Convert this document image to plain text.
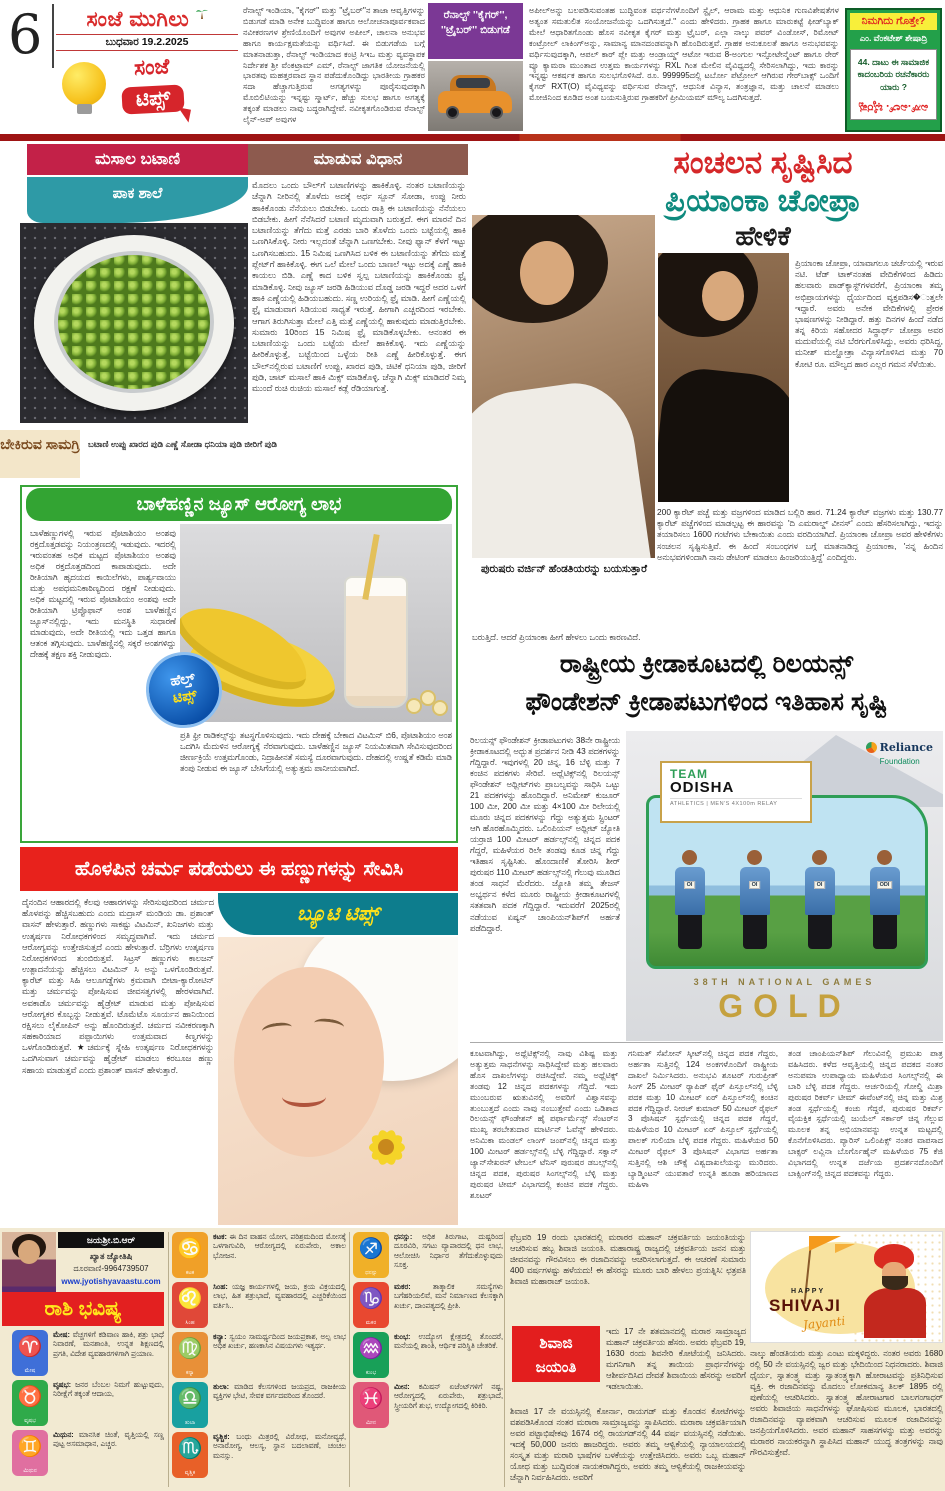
6	ಸಂಜೆ ಮುಗಿಲು
ಬುಧವಾರ 19.2.2025
ಸಂಜೆ
ಟಿಪ್ಸ್
ರೆನಾಲ್ಟ್ ಇಂಡಿಯಾ, ''ಕೈಗರ್'' ಮತ್ತು ''ಟ್ರೈಬರ್''ನ ತಾಜಾ ಆವೃತ್ತಿಗಳನ್ನು ಬಿಡುಗಡೆ ಮಾಡಿ ಅನೇಕ ಬುದ್ಧಿವಂತ ಹಾಗೂ ಆಲೋಚನಾಪೂರ್ವಕವಾದ ನವೀಕರಣಗಳ ಶ್ರೇಣಿಯೊಂದಿಗೆ ಅವುಗಳ ಅಪೀಲ್, ಚಾಲನಾ ಅನುಭವ ಹಾಗೂ ಕಾರ್ಯಕ್ಷಮತೆಯನ್ನು ವರ್ಧಿಸಿದೆ. ಈ ಬಿಡುಗಡೆಯ ಬಗ್ಗೆ ಮಾತನಾಡುತ್ತಾ, ರೆನಾಲ್ಟ್ ಇಂಡಿಯಾದ ಕಂಟ್ರಿ ಸಿಇಒ ಮತ್ತು ವ್ಯವಸ್ಥಾಪಕ ನಿರ್ದೇಶಕ ಶ್ರೀ ವೆಂಕಟ್ರಾಮ್ ಎಮ್, ರೆನಾಲ್ಟ್ ಜಾಗತಿಕ ಯೋಜನೆಯಲ್ಲಿ ಭಾರತವು ಮಹತ್ತರವಾದ ಸ್ಥಾನ ಪಡೆದುಕೊಂಡಿದ್ದು ಭಾರತೀಯ ಗ್ರಾಹಕರ ಸದಾ ಹೆಚ್ಚಾಗುತ್ತಿರುವ ಅಗತ್ಯಗಳನ್ನು ಪೂರೈಸುವುದಕ್ಕಾಗಿ ಮೊಬಿಲಿಟಿಯನ್ನು ಇನ್ನಷ್ಟು ಸ್ಮಾರ್ಟ್, ಹೆಚ್ಚು ಸುಲಭ ಹಾಗೂ ಅಗತ್ಯಕ್ಕೆ ತಕ್ಕಂತೆ ಮಾಡಲು ನಾವು ಬದ್ಧರಾಗಿದ್ದೇವೆ. ನವೀಕೃತಗೊಂಡಿರುವ ರೆನಾಲ್ಟ್ ಲೈನ್-ಅಪ್ ಅವುಗಳ
ರೆನಾಲ್ಟ್ ''ಕೈಗರ್'', ''ಟ್ರೈಬರ್'' ಬಿಡುಗಡೆ
ಅಪೀಲ್‌ಅನ್ನು ಬಲಪಡಿಸುವಂತಹ ಬುದ್ಧಿವಂತ ವರ್ಧನೆಗಳೊಂದಿಗೆ ಸ್ಟೈಲ್, ಆರಾಮ ಮತ್ತು ಆಧುನಿಕ ಗುಣವಿಶೇಷತೆಗಳ ಅತ್ಯಂತ ಸಮತುಲಿತ ಸಂಯೋಜನೆಯನ್ನು ಒದಗಿಸುತ್ತದೆ.'' ಎಂದು ಹೇಳಿದರು. ಗ್ರಾಹಕ ಹಾಗೂ ಮಾರುಕಟ್ಟೆ ಫೀಡ್‌ಬ್ಯಾಕ್ ಮೇಲೆ ಆಧಾರಿತಗೊಂಡು ಹೊಸ ನವೀಕೃತ ಕೈಗರ್ ಮತ್ತು ಟ್ರೈಬರ್, ಎಲ್ಲಾ ನಾಲ್ಕು ಪವರ್ ವಿಂಡೋಸ್, ರಿಮೋಟ್ ಕಂಟ್ರೋಲ್ ಲಾಕಿಂಗ್‌ಅನ್ನು, ಸಾಮಾನ್ಯ ಮಾನದಂಡವನ್ನಾಗಿ ಹೊಂದಿರುತ್ತವೆ. ಗ್ರಾಹಕ ಅನುಕೂಲತೆ ಹಾಗೂ ಅನುಭವವನ್ನು ವರ್ಧಿಸುವುದಕ್ಕಾಗಿ, ಆಪಲ್ ಕಾರ್ ಪ್ಲೇ ಮತ್ತು ಆಂಡ್ರಾಯ್ಡ್ ಆಟೋ ಇರುವ 8-ಅಂಗುಲ ಇನ್ಫೋಟೇನ್ಮೆಂಟ್ ಹಾಗೂ ರೇರ್ ವ್ಯೂ ಕ್ಯಾಮರಾ ಮುಂತಾದ ಉತ್ತಮ ಕಾರ್ಯಗಳನ್ನು RXL ಗಿಂತ ಮೇಲಿನ ವೈವಿಧ್ಯದಲ್ಲಿ ಸೇರಿಸಲಾಗಿದ್ದು, ಇದು ಕಾರನ್ನು ಇನ್ನಷ್ಟು ಆಕರ್ಷಕ ಹಾಗೂ ಸುಲಭಗೊಳಿಸಿದೆ. ರೂ. 999995ದಲ್ಲಿ ಟರ್ಬೋ ಪೆಟ್ರೋಲ್ ಆಗಿರುವ ಗೇರ್‌ಬಾಕ್ಸ್ ಒಂದಿಗೆ ಕೈಗರ್ RXT(O) ವೈವಿಧ್ಯವನ್ನು ವರ್ಧಿಸುವ ರೆನಾಲ್ಟ್, ಆಧುನಿಕ ವಿನ್ಯಾಸ, ತಂತ್ರಜ್ಞಾನ, ಮತ್ತು ಚಾಲನೆ ಮಾಡಲು ಮೋಜಿನಿಂದ ಕೂಡಿದ ಅಂಶ ಬಯಸುತ್ತಿರುವ ಗ್ರಾಹಕರಿಗೆ ಪ್ರೀಮಿಯಮ್ ಮೌಲ್ಯ ಒದಗಿಸುತ್ತದೆ.
ನಿಮಗಿದು ಗೊತ್ತೇ?
ಎಂ. ವೆಂಕಟೇಶ್ ಶೇಷಾದ್ರಿ
44. ದಾಟು ಈ ಸಾಮಾಜಿಕ ಕಾದಂಬರಿಯ ರಚನೆಕಾರರು ಯಾರು ?
ಎಸ್.ಎಲ್. ಭೈರಪ್ಪ
ಮಸಾಲ ಬಟಾಣಿ	ಮಾಡುವ ವಿಧಾನ
ಪಾಕ ಶಾಲೆ
ಬೇಕಿರುವ ಸಾಮಗ್ರಿ ಬಟಾಣಿ ಉಪ್ಪು ಖಾರದ ಪುಡಿ ಎಣ್ಣೆ ಸೋಡಾ ಧನಿಯಾ ಪುಡಿ ಜೀರಿಗೆ ಪುಡಿ
ಮೊದಲು ಒಂದು ಬೌಲ್‌ಗೆ ಬಟಾಣಿಗಳನ್ನು ಹಾಕಿಕೊಳ್ಳಿ. ನಂತರ ಬಟಾಣಿಯನ್ನು ಚೆನ್ನಾಗಿ ನೀರಿನಲ್ಲಿ ತೊಳೆದು ಅದಕ್ಕೆ ಅರ್ಧ ಸ್ಪೂನ್ ಸೋಡಾ, ಉಪ್ಪು ನೀರು ಹಾಕಿಕೊಂಡು ನೆನೆಯಲು ಬಿಡಬೇಕು. ಒಂದು ರಾತ್ರಿ ಈ ಬಟಾಣಿಯನ್ನು ನೆನೆಯಲು ಬಿಡಬೇಕು. ಹೀಗೆ ನೆನೆಸಿದರೆ ಬಟಾಣಿ ಮೃದುವಾಗಿ ಬರುತ್ತದೆ. ಈಗ ಮಾರನೆ ದಿನ ಬಟಾಣಿಯನ್ನು ತೆಗೆದು ಮತ್ತೆ ಎರಡು ಬಾರಿ ತೊಳೆದು ಒಂದು ಬಟ್ಟೆಯಲ್ಲಿ ಹಾಕಿ ಒಣಗಿಸಿಕೊಳ್ಳಿ. ನೀರು ಇಲ್ಲದಂತೆ ಚೆನ್ನಾಗಿ ಒಣಗಬೇಕು. ನೀವು ಫ್ಯಾನ್ ಕೆಳಗೆ ಇಟ್ಟು ಒಣಗಿಸಬಹುದು. 15 ನಿಮಿಷ ಒಣಗಿಸಿದ ಬಳಿಕ ಈ ಬಟಾಣಿಯನ್ನು ತೆಗೆದು ಮತ್ತೆ ಪ್ಲೇಟ್‌ಗೆ ಹಾಕಿಕೊಳ್ಳಿ. ಈಗ ಒಲೆ ಮೇಲೆ ಒಂದು ಬಾಣಲೆ ಇಟ್ಟು ಅದಕ್ಕೆ ಎಣ್ಣೆ ಹಾಕಿ ಕಾಯಲು ಬಿಡಿ. ಎಣ್ಣೆ ಕಾದ ಬಳಿಕ ಸ್ವಲ್ಪ ಬಟಾಣಿಯನ್ನು ಹಾಕಿಕೊಂಡು ಫ್ರೈ ಮಾಡಿಕೊಳ್ಳಿ. ನೀವು ಜ್ಯೂಸ್ ಜರಡಿ ಹಿಡಿಯುವ ದೊಡ್ಡ ಜರಡಿ ಇದ್ದರೆ ಅದರ ಒಳಗೆ ಹಾಕಿ ಎಣ್ಣೆಯಲ್ಲಿ ಹಿಡಿಯಬಹುದು. ಸಣ್ಣ ಉರಿಯಲ್ಲಿ ಫ್ರೈ ಮಾಡಿ. ಹೀಗೆ ಎಣ್ಣೆಯಲ್ಲಿ ಫ್ರೈ ಮಾಡುವಾಗ ಸಿಡಿಯುವ ಸಾಧ್ಯತೆ ಇರುತ್ತೆ. ಹೀಗಾಗಿ ಎಚ್ಚರದಿಂದ ಇರಬೇಕು. ಆಗಾಗ ತಿರುಗಿಸುತ್ತಾ ಮೇಲೆ ಎತ್ತಿ ಮತ್ತೆ ಎಣ್ಣೆಯಲ್ಲಿ ಹಾಕುವುದು ಮಾಡುತ್ತಿರಬೇಕು. ಸುಮಾರು 10ರಿಂದ 15 ನಿಮಿಷ ಫ್ರೈ ಮಾಡಿಕೊಳ್ಳಬೇಕು. ಆನಂತರ ಈ ಬಟಾಣಿಯನ್ನು ಒಂದು ಬಟ್ಟೆಯ ಮೇಲೆ ಹಾಕಿಕೊಳ್ಳಿ. ಇದು ಎಣ್ಣೆಯನ್ನು ಹೀರಿಕೊಳ್ಳುತ್ತೆ, ಬಟ್ಟೆಯಿಂದ ಒಳ್ಳೆಯ ರೀತಿ ಎಣ್ಣೆ ಹೀರಿಕೊಳ್ಳುತ್ತೆ. ಈಗ ಬೌಲ್‌ನಲ್ಲಿರುವ ಬಟಾಣಿಗೆ ಉಪ್ಪು, ಖಾರದ ಪುಡಿ, ಚಿಟಿಕೆ ಧನಿಯಾ ಪುಡಿ, ಜೀರಿಗೆ ಪುಡಿ, ಚಾಟ್ ಮಸಾಲೆ ಹಾಕಿ ಮಿಕ್ಸ್ ಮಾಡಿಕೊಳ್ಳಿ. ಚೆನ್ನಾಗಿ ಮಿಕ್ಸ್ ಮಾಡಿದರೆ ನಿಮ್ಮ ಮುಂದೆ ರುಚಿ ರುಚಿಯ ಮಸಾಲೆ ಕಡ್ಲೆ ರೆಡಿಯಾಗುತ್ತೆ.
ಸಂಚಲನ ಸೃಷ್ಟಿಸಿದ
ಪ್ರಿಯಾಂಕಾ ಚೋಪ್ರಾ
ಹೇಳಿಕೆ
ಪ್ರಿಯಾಂಕಾ ಚೋಪ್ರಾ, ಯಾವಾಗಲೂ ಚರ್ಚೆಯಲ್ಲಿ ಇರುವ ನಟಿ. ಟೆಡ್ ಟಾಕ್‌ನಂತಹ ವೇದಿಕೆಗಳಿಂದ ಹಿಡಿದು ಹಲವಾರು ಪಾಡ್‌ಕ್ಯಾಸ್ಟ್‌ಗಳವರೆಗೆ, ಪ್ರಿಯಾಂಕಾ ತಮ್ಮ ಅಭಿಪ್ರಾಯಗಳನ್ನು ಧೈರ್ಯದಿಂದ ವ್ಯಕ್ತಪಡಿಸ�ುತ್ತಲೇ ಇದ್ದಾರೆ. ಅವರು ಅನೇಕ ವೇದಿಕೆಗಳಲ್ಲಿ ಪ್ರೇರಕ ಭಾಷಣಗಳನ್ನು ನೀಡಿದ್ದಾರೆ. ಹತ್ತು ದಿನಗಳ ಹಿಂದೆ ನಡೆದ ತನ್ನ ಕಿರಿಯ ಸಹೋದರ ಸಿದ್ಧಾರ್ಥ್ ಚೋಪ್ರಾ ಅವರ ಮದುವೆಯಲ್ಲಿ ನಟಿ ಬೆರಗುಗೊಳಿಸಿದ್ದು, ಅವರು ಧರಿಸಿದ್ದ, ಮನೀಶ್ ಮಲ್ಹೋತ್ರಾ ವಿನ್ಯಾಸಗೊಳಿಸಿದ ಮತ್ತು 70 ಕೋಟಿ ರೂ. ಮೌಲ್ಯದ ಹಾರ ಎಲ್ಲರ ಗಮನ ಸೆಳೆಯಿತು.
200 ಕ್ಯಾರೆಟ್ ಪಚ್ಚೆ ಮತ್ತು ವಜ್ರಗಳಿಂದ ಮಾಡಿದ ಬಲ್ಲಿರಿ ಹಾರ. 71.24 ಕ್ಯಾರೆಟ್ ವಜ್ರಗಳು ಮತ್ತು 130.77 ಕ್ಯಾರೆಟ್ ಪಚ್ಚೆಗಳಿಂದ ಮಾಡಲ್ಪಟ್ಟ ಈ ಹಾರವನ್ನು 'ದಿ ಎಮರಾಲ್ಡ್ ವೀನಸ್' ಎಂದು ಹೆಸರಿಸಲಾಗಿದ್ದು, ಇದನ್ನು ತಯಾರಿಸಲು 1600 ಗಂಟೆಗಳು ಬೇಕಾಯಿತು ಎಂದು ವರದಿಯಾಗಿದೆ. ಪ್ರಿಯಾಂಕಾ ಚೋಪ್ರಾ ಅವರ ಹೇಳಿಕೆಗಳು ಸಂಚಲನ ಸೃಷ್ಟಿಸುತ್ತಿವೆ. ಈ ಹಿಂದೆ ಸಂಬಂಧಗಳ ಬಗ್ಗೆ ಮಾತನಾಡಿದ್ದ ಪ್ರಿಯಾಂಕಾ, 'ನನ್ನ ಹಿಂದಿನ ಅನುಭವಗಳಿಂದಾಗಿ ನಾನು ಡೇಟಿಂಗ್ ಮಾಡಲು ಹಿಂಜರಿಯುತ್ತಿದ್ದೆ' ಎಂದಿದ್ದರು.
ಪುರುಷರು ವರ್ಜಿನ್ ಹೆಂಡತಿಯರನ್ನು ಬಯಸುತ್ತಾರೆ
ಬರುತ್ತಿದೆ. ಆದರೆ ಪ್ರಿಯಾಂಕಾ ಹೀಗೆ ಹೇಳಲು ಒಂದು ಕಾರಣವಿದೆ.
ಬಾಳೆಹಣ್ಣಿನ ಜ್ಯೂಸ್ ಆರೋಗ್ಯ ಲಾಭ
ಬಾಳೆಹಣ್ಣುಗಳಲ್ಲಿ ಇರುವ ಪೊಟಾಶಿಯಂ ಅಂಶವು ರಕ್ತದೊತ್ತಡವನ್ನು ನಿಯಂತ್ರಣದಲ್ಲಿ ಇಡುವುದು. ಇದರಲ್ಲಿ ಇರುವಂತಹ ಅಧಿಕ ಮಟ್ಟದ ಪೊಟಾಶಿಯಂ ಅಂಶವು ಅಧಿಕ ರಕ್ತದೊತ್ತಡದಿಂದ ಕಾಪಾಡುವುದು. ಅದೇ ರೀತಿಯಾಗಿ ಹೃದಯದ ಕಾಯಿಲೆಗಳು, ಪಾರ್ಶ್ವವಾಯು ಮತ್ತು ಅಪಧಮನಿಕಾಠಿಣ್ಯದಿಂದ ರಕ್ಷಣೆ ನೀಡುವುದು. ಅಧಿಕ ಮಟ್ಟದಲ್ಲಿ ಇರುವ ಪೊಟಾಶಿಯಂ ಅಂಶವು ಅದೇ ರೀತಿಯಾಗಿ ಟ್ರಿಪ್ಟೊಫಾನ್ ಅಂಶ ಬಾಳೆಹಣ್ಣಿನ ಜ್ಯೂಸ್‌ನಲ್ಲಿದ್ದು, ಇದು ಮನಸ್ಥಿತಿ ಸುಧಾರಣೆ ಮಾಡುವುದು, ಅದೇ ರೀತಿಯಲ್ಲಿ ಇದು ಒತ್ತಡ ಹಾಗೂ ಆತಂಕ ತಗ್ಗಿಸುವುದು. ಬಾಳೆಹಣ್ಣಿನಲ್ಲಿ ಸಕ್ಕರೆ ಅಂಶಗಳಿದ್ದು ದೇಹಕ್ಕೆ ತಕ್ಷಣ ಶಕ್ತಿ ನೀಡುವುದು.
ಹೆಲ್ತ್
ಟಿಪ್ಸ್
ಪ್ರತಿ ಫ್ರೀ ರಾಡಿಕಲ್ಸ್‌ನ್ನು ತಟಸ್ಥಗೊಳಿಸುವುದು. ಇದು ದೇಹಕ್ಕೆ ಬೇಕಾದ ವಿಟಮಿನ್ ಬಿ6, ಪೊಟಾಶಿಯಂ ಅಂಶ ಒದಗಿಸಿ ಮೆದುಳಿನ ಆರೋಗ್ಯಕ್ಕೆ ನೆರವಾಗುವುದು. ಬಾಳೆಹಣ್ಣಿನ ಜ್ಯೂಸ್ ನಿಯಮಿತವಾಗಿ ಸೇವಿಸುವುದರಿಂದ ಜೀರ್ಣಕ್ರಿಯೆ ಉತ್ತಮಗೊಂಡು, ನಿದ್ರಾಹೀನತೆ ಸಮಸ್ಯೆ ದೂರವಾಗುವುದು. ದೇಹದಲ್ಲಿ ಉಷ್ಣತೆ ಕಡಿಮೆ ಮಾಡಿ ತಂಪು ನೀಡುವ ಈ ಜ್ಯೂಸ್ ಬೇಸಿಗೆಯಲ್ಲಿ ಅತ್ಯುತ್ತಮ ಪಾನೀಯವಾಗಿದೆ.
ಹೊಳಪಿನ ಚರ್ಮ ಪಡೆಯಲು ಈ ಹಣ್ಣುಗಳನ್ನು ಸೇವಿಸಿ
ದೈನಂದಿನ ಆಹಾರದಲ್ಲಿ ಕೆಲವು ಆಹಾರಗಳನ್ನು ಸೇರಿಸುವುದರಿಂದ ಚರ್ಮದ ಹೊಳಪನ್ನು ಹೆಚ್ಚಿಸಬಹುದು ಎಂದು ಮದ್ರಾಸ್ ಮಂಡಿಯ ಡಾ. ಪ್ರಶಾಂತ್ ವಾಸನ್ ಹೇಳುತ್ತಾರೆ. ಹಣ್ಣುಗಳು ಸಾಕಷ್ಟು ವಿಟಮಿನ್, ಖನಿಜಗಳು ಮತ್ತು ಉತ್ಕರ್ಷಣ ನಿರೋಧಕಗಳಿಂದ ಸಮೃದ್ಧವಾಗಿವೆ. ಇದು ಚರ್ಮದ ಆರೋಗ್ಯವನ್ನು ಉತ್ತೇಜಿಸುತ್ತದೆ ಎಂದು ಹೇಳುತ್ತಾರೆ. ಬೆರ‍್ರಿಗಳು ಉತ್ಕರ್ಷಣ ನಿರೋಧಕಗಳಿಂದ ತುಂಬಿರುತ್ತವೆ. ಸಿಟ್ರಸ್ ಹಣ್ಣುಗಳು ಕಾಲಜನ್ ಉತ್ಪಾದನೆಯನ್ನು ಹೆಚ್ಚಿಸಲು ವಿಟಮಿನ್ ಸಿ ಅನ್ನು ಒಳಗೊಂಡಿರುತ್ತವೆ. ಕ್ಯಾರೆಟ್ ಮತ್ತು ಸಿಹಿ ಆಲೂಗಡ್ಡೆಗಳು ಕ್ರಮವಾಗಿ ಬೀಟಾ-ಕ್ಯಾರೋಟಿನ್ ಮತ್ತು ಚರ್ಮವನ್ನು ಪೋಷಿಸುವ ಜೀವಸತ್ವಗಳಲ್ಲಿ ಹೇರಳವಾಗಿವೆ. ಅವಕಾಡೊ ಚರ್ಮವನ್ನು ಹೈಡ್ರೇಟ್ ಮಾಡುವ ಮತ್ತು ಪೋಷಿಸುವ ಆರೋಗ್ಯಕರ ಕೊಬ್ಬನ್ನು ನೀಡುತ್ತವೆ. ಟೊಮೆಟೊ ಸೂರ್ಯನ ಹಾನಿಯಿಂದ ರಕ್ಷಿಸಲು ಲೈಕೋಪಿನ್ ಅನ್ನು ಹೊಂದಿರುತ್ತವೆ. ಚರ್ಮದ ನವೀಕರಣಕ್ಕಾಗಿ ಸಹಕಾರಿಯಾದ ಪಪ್ಪಾಯಿಗಳು ಉತ್ತಮವಾದ ಕಿಣ್ವಗಳನ್ನು ಒಳಗೊಂಡಿರುತ್ತವೆ. ★ಚರ್ಮಕ್ಕೆ ಸ್ನೇಹಿ ಉತ್ಕರ್ಷಣ ನಿರೋಧಕಗಳನ್ನು ಒದಗಿಸುವಾಗ ಚರ್ಮವನ್ನು ಹೈಡ್ರೇಟ್ ಮಾಡಲು ಕರಬೂಜ ಹಣ್ಣು ಸಹಾಯ ಮಾಡುತ್ತವೆ ಎಂದು ಪ್ರಶಾಂತ್ ವಾಸನ್ ಹೇಳುತ್ತಾರೆ.
ಬ್ಯೂಟಿ ಟಿಪ್ಸ್
ರಾಷ್ಟ್ರೀಯ ಕ್ರೀಡಾಕೂಟದಲ್ಲಿ ರಿಲಯನ್ಸ್
ಫೌಂಡೇಶನ್ ಕ್ರೀಡಾಪಟುಗಳಿಂದ ಇತಿಹಾಸ ಸೃಷ್ಟಿ
ರಿಲಯನ್ಸ್ ಫೌಂಡೇಶನ್ ಕ್ರೀಡಾಪಟುಗಳು 38ನೇ ರಾಷ್ಟ್ರೀಯ ಕ್ರೀಡಾಕೂಟದಲ್ಲಿ ಅದ್ಭುತ ಪ್ರದರ್ಶನ ನೀಡಿ 43 ಪದಕಗಳನ್ನು ಗೆದ್ದಿದ್ದಾರೆ. ಇವುಗಳಲ್ಲಿ 20 ಚಿನ್ನ, 16 ಬೆಳ್ಳಿ ಮತ್ತು 7 ಕಂಚಿನ ಪದಕಗಳು ಸೇರಿವೆ. ಅಥ್ಲೆಟಿಕ್ಸ್‌ನಲ್ಲಿ ರಿಲಯನ್ಸ್ ಫೌಂಡೇಶನ್ ಅಥ್ಲೀಟ್‌ಗಳು ಪ್ರಾಬಲ್ಯವನ್ನು ಸಾಧಿಸಿ ಒಟ್ಟು 21 ಪದಕಗಳನ್ನು ಹೊಂದಿದ್ದಾರೆ. ಅನಿಮೇಶ್ ಕುಜೂರ್ 100 ಮೀ, 200 ಮೀ ಮತ್ತು 4×100 ಮೀ ರಿಲೇಯಲ್ಲಿ ಮೂರು ಚಿನ್ನದ ಪದಕಗಳನ್ನು ಗೆದ್ದು ಅತ್ಯುತ್ತಮ ಸ್ಪ್ರಿಂಟರ್ ಆಗಿ ಹೊರಹೊಮ್ಮಿದರು. ಒಲಿಂಪಿಯನ್ ಅಥ್ಲೀಟ್ ಜ್ಯೋತಿ ಯರ‍್ರಾಜಿ 100 ಮೀಟರ್ ಹರ್ಡಲ್ಸ್‌ನಲ್ಲಿ ಚಿನ್ನದ ಪದಕ ಗೆದ್ದರೆ, ಮಹಿಳೆಯರ ರಿಲೇ ತಂಡವು ಕೂಡ ಚಿನ್ನ ಗೆದ್ದು ಇತಿಹಾಸ ಸೃಷ್ಟಿಸಿತು. ಹೊಂದಾಣಿಕೆ ತೋರಿಸಿ ಶೀರ್ ಪುರುಷರ 110 ಮೀಟರ್ ಹರ್ಡಲ್ಸ್‌ನಲ್ಲಿ ಗೆಲುವು ಮೂಡಿದ ತಂಡ ಸಾಧನೆ ಮೆರೆದರು. ಜ್ಯೋತಿ ತಮ್ಮ ತೇಜಸ್ ಅಭ್ಯರ್ಥನ ಕಳೆದ ಮೂರು ರಾಷ್ಟ್ರೀಯ ಕ್ರೀಡಾಕೂಟಗಳಲ್ಲಿ ಸತತವಾಗಿ ಪದಕ ಗೆದ್ದಿದ್ದಾರೆ. ಇದುವರೆಗೆ 2025ರಲ್ಲಿ ನಡೆಯುವ ಏಷ್ಯನ್ ಚಾಂಪಿಯನ್‌ಶಿಪ್‌ಗೆ ಅರ್ಹತೆ ಪಡೆದಿದ್ದಾರೆ.
Reliance
Foundation
TEAM
ODISHA
ATHLETICS | MEN'S 4X100m RELAY
OI	OI	OI	ODI
38TH NATIONAL GAMES
GOLD
ಕೂಟವಾಗಿದ್ದು, ಅಥ್ಲೆಟಿಕ್ಸ್‌ನಲ್ಲಿ ನಾವು ವಿಶಿಷ್ಟ ಮತ್ತು ಅತ್ಯುತ್ತಮ ಸಾಧನೆಗಳನ್ನು ಸಾಧಿಸಿದ್ದೇವೆ ಮತ್ತು ಹಲವಾರು ಹೊಸ ದಾಖಲೆಗಳನ್ನು ರಚಿಸಿದ್ದೇವೆ. ನಮ್ಮ ಅಥ್ಲೆಟಿಕ್ಸ್ ತಂಡವು 12 ಚಿನ್ನದ ಪದಕಗಳನ್ನು ಗೆದ್ದಿದೆ. ಇದು ಮುಂಬರುವ ಋತುವಿನಲ್ಲಿ ಅವರಿಗೆ ವಿಶ್ವಾಸವನ್ನು ತುಂಬುತ್ತದೆ ಎಂದು ನಾವು ನಂಬುತ್ತೇವೆ ಎಂದು ಒಡಿಶಾದ ರಿಲಯನ್ಸ್ ಫೌಂಡೇಶನ್ ಹೈ ಪರ್ಫಾರ್ಮೆನ್ಸ್ ಸೆಂಟರ್‌ನ ಮುಖ್ಯ ತರಬೇತುದಾರ ಮಾರ್ಟಿನ್ ಓವೆನ್ಸ್ ಹೇಳಿದರು. ಅನಿಮಿಕಾ ಮಂಡಲ್ ಲಾಂಗ್ ಜಂಪ್‌ನಲ್ಲಿ ಚಿನ್ನದ ಮತ್ತು 100 ಮೀಟರ್ ಹರ್ಡಲ್ಸ್‌ನಲ್ಲಿ ಬೆಳ್ಳಿ ಗೆದ್ದಿದ್ದಾರೆ. ಸಕ್ವಾನ್ ಜ್ಯಾನ್‌ಸೇಖರನ್ ಟೇಬಲ್ ಟೆನಿಸ್ ಪುರುಷರ ಡಬಲ್ಸ್‌ನಲ್ಲಿ ಚಿನ್ನದ ಪದಕ, ಪುರುಷರ ಸಿಂಗಲ್ಸ್‌ನಲ್ಲಿ ಬೆಳ್ಳಿ ಮತ್ತು ಪುರುಷರ ಟೀಮ್ ವಿಭಾಗದಲ್ಲಿ ಕಂಚಿನ ಪದಕ ಗೆದ್ದರು. ಶೂಟರ್
ಗನಿಮತ್ ಸೆಖೋನ್ ಸ್ಕೀಟ್‌ನಲ್ಲಿ ಚಿನ್ನದ ಪದಕ ಗೆದ್ದರು, ಅರ್ಹತಾ ಸುತ್ತಿನಲ್ಲಿ 124 ಅಂಕಗಳೊಂದಿಗೆ ರಾಷ್ಟ್ರೀಯ ದಾಖಲೆ ನಿರ್ಮಿಸಿದರು. ಅನುಭವಿ ಶೂಟರ್ ಗುರುಪ್ರೀತ್ ಸಿಂಗ್ 25 ಮೀಟರ್ ರ‍್ಯಾಪಿಡ್ ಫೈರ್ ಪಿಸ್ತೂಲ್‌ನಲ್ಲಿ ಬೆಳ್ಳಿ ಪದಕ ಮತ್ತು 10 ಮೀಟರ್ ಏರ್ ಪಿಸ್ತೂಲ್‌ನಲ್ಲಿ ಕಂಚಿನ ಪದಕ ಗೆದ್ದಿದ್ದಾರೆ. ನೀರಜ್ ಕುಮಾರ್ 50 ಮೀಟರ್ ರೈಫಲ್ 3 ಪೊಸಿಷನ್ ಸ್ಪರ್ಧೆಯಲ್ಲಿ ಚಿನ್ನದ ಪದಕ ಗೆದ್ದರೆ, ಮಹಿಳೆಯರ 10 ಮೀಟರ್ ಏರ್ ಪಿಸ್ತೂಲ್ ಸ್ಪರ್ಧೆಯಲ್ಲಿ ಪಾಲಕ್ ಗುಲಿಯಾ ಬೆಳ್ಳಿ ಪದಕ ಗೆದ್ದರು. ಮಹಿಳೆಯರ 50 ಮೀಟರ್ ರೈಫಲ್ 3 ಪೊಸಿಷನ್ ವಿಭಾಗದ ಅರ್ಹತಾ ಸುತ್ತಿನಲ್ಲಿ ಆಶಿ ಚೌಕ್ಸೆ ವಿಶ್ವದಾಖಲೆಯನ್ನು ಮುರಿದರು. ಬ್ಯಾಡ್ಮಿಂಟನ್ ಯುವತಾರೆ ಉನ್ನತಿ ಹೂಡಾ ಹರಿಯಾಣದ ಮಹಿಳಾ
ತಂಡ ಚಾಂಪಿಯನ್‌ಶಿಪ್ ಗೆಲುವಿನಲ್ಲಿ ಪ್ರಮುಖ ಪಾತ್ರ ವಹಿಸಿದರು. ಕಳೆದ ಆವೃತ್ತಿಯಲ್ಲಿ ಚಿನ್ನದ ಪದಕದ ನಂತರ ಅನುಪಮಾ ಉಪಾಧ್ಯಾಯ ಮಹಿಳೆಯರ ಸಿಂಗಲ್ಸ್‌ನಲ್ಲಿ ಈ ಬಾರಿ ಬೆಳ್ಳಿ ಪದಕ ಗೆದ್ದರು. ಆರ್ಚರಿಯಲ್ಲಿ ಗೋಲ್ಡಿ ಮಿಶ್ರಾ ಪುರುಷರ ರಿಕರ್ವ್ ಟೀಮ್ ಈವೆಂಟ್‌ನಲ್ಲಿ ಚಿನ್ನ ಮತ್ತು ಮಿಶ್ರ ತಂಡ ಸ್ಪರ್ಧೆಯಲ್ಲಿ ಕಂಚು ಗೆದ್ದರೆ, ಪುರುಷರ ರಿಕರ್ವ್ ವೈಯಕ್ತಿಕ ಸ್ಪರ್ಧೆಯಲ್ಲಿ ಜುಯೆಲ್ ಸರ್ಕಾರ್ ಚಿನ್ನ ಗೆಲ್ಲುವ ಮೂಲಕ ತನ್ನ ಅಭಿಯಾನವನ್ನು ಉನ್ನತ ಮಟ್ಟದಲ್ಲಿ ಕೊನೆಗೊಳಿಸಿದರು. ಪ್ಯಾರಿಸ್ ಒಲಿಂಪಿಕ್ಸ್ ನಂತರ ವಾಪಸಾದ ಬಾಕ್ಸರ್ ಲವ್ಲಿನಾ ಬೊರ್ಗೊಹೈನ್ ಮಹಿಳೆಯರ 75 ಕೆಜಿ ವಿಭಾಗದಲ್ಲಿ ಉನ್ನತ ದರ್ಜೆಯ ಪ್ರದರ್ಶನದೊಂದಿಗೆ ಬಾಕ್ಸಿಂಗ್‌ನಲ್ಲಿ ಚಿನ್ನದ ಪದಕವನ್ನು ಗೆದ್ದರು.
ಜಯಶ್ರೀ.ಬಿ.ಆರ್
ಖ್ಯಾತ ಜ್ಯೋತಿಷಿ
ದೂರವಾಣಿ-9964739507
www.jyotishyavaastu.com
ರಾಶಿ ಭವಿಷ್ಯ
♈
ಮೇಷ
ಮೇಷ: ವೆಚ್ಚಗಳಿಗೆ ಕಡಿವಾಣ ಹಾಕಿ, ಶತ್ರು ಭಾಧೆ ನಿವಾರಣೆ, ಮನಶಾಂತಿ, ಉನ್ನತ ಶಿಕ್ಷಣದಲ್ಲಿ ಪ್ರಗತಿ, ವಿದೇಶ ವ್ಯವಹಾರಗಳಿಗಾಗಿ ಪ್ರಯಾಣ.
♉
ವೃಷಭ
ವೃಷಭ: ಜನರ ಬೆಂಬಲ ನಿಮಗೆ ಹುಟ್ಟುವುದು, ನಿರೀಕ್ಷೆಗೆ ತಕ್ಕಂತೆ ಆದಾಯ,
♊
ಮಿಥುನ
ಮಿಥುನ: ಮಾನಸಿಕ ಚಿಂತೆ, ವೃತ್ತಿಯಲ್ಲಿ ಸಣ್ಣ ಪುಟ್ಟ ಅಸಮಾಧಾನ, ಎಚ್ಚರ.
♋
ಕಟಕ
ಕಟಕ: ಈ ದಿನ ವಾಹನ ಯೋಗ, ಪರಿಶ್ರಮದಿಂದ ಮೋಸಕ್ಕೆ ಒಳಗಾಗುವಿರಿ, ಆರೋಗ್ಯದಲ್ಲಿ ಏರುಪೇರು, ಅಕಾಲ ಭೋಜನ.
♌
ಸಿಂಹ
ಸಿಂಹ: ಯಜ್ಞ ಕಾರ್ಯಗಳಲ್ಲಿ ಜಯ, ಕ್ರಯ ವಿಕ್ರಯದಲ್ಲಿ ಲಾಭ, ಹಿತ ಶತ್ರುಭಾದೆ, ವ್ಯವಹಾರದಲ್ಲಿ ಎಚ್ಚರಿಕೆಯಿಂದ ವರ್ತಿಸಿ..
♍
ಕನ್ಯಾ
ಕನ್ಯಾ: ಸ್ವಯಂ ಸಾಮರ್ಥ್ಯದಿಂದ ಜಯಪ್ರಕಾಶ, ಅಲ್ಪ ಲಾಭ ಅಧಿಕ ಖರ್ಚು, ಹಣಕಾಸಿನ ವಿಷಯಗಳು ಇತ್ಯರ್ಥ.
♎
ತುಲಾ
ತುಲಾ: ಮಾಡಿದ ಕೆಲಸಗಳಿಂದ ಜಯಪ್ರದ, ರಾಜಕೀಯ ವ್ಯಕ್ತಿಗಳ ಭೇಟಿ, ಸೇವಕ ವರ್ಗದವರಿಂದ ತೊಂದರೆ.
♏
ವೃಶ್ಚಿಕ
ವೃಶ್ಚಿಕ: ಬಂಧು ಮಿತ್ರರಲ್ಲಿ ವಿರೋಧ, ಮನೋವ್ಯಥೆ, ಅನಾರೋಗ್ಯ, ಆಲಸ್ಯ, ಸ್ಥಾನ ಬದಲಾವಣೆ, ಚಂಚಲ ಮನಸ್ಸು.
♐
ಧನಸ್ಸು
ಧನಸ್ಸು: ಅಧಿಕ ತಿರುಗಾಟ, ದುಷ್ಟರಿಂದ ದೂರವಿರಿ, ಸಗಟು ವ್ಯಾಪಾರದಲ್ಲಿ ಧನ ಲಾಭ, ಆಲೋಚಿಸಿ ನಿರ್ಧಾರ ತೆಗೆದುಕೊಳ್ಳುವುದು ಸೂಕ್ತ.
♑
ಮಕರ
ಮಕರ:	ತಾತ್ಕಾಲಿಕ ಸಮಸ್ಯೆಗಳು ಬಗೆಹರಿಯಲಿವೆ, ಮನೆ ನಿರ್ಮಾಣದ ಕೆಲಸಕ್ಕಾಗಿ ಖರ್ಚು, ದಾಂಪತ್ಯದಲ್ಲಿ ಪ್ರೀತಿ.
♒
ಕುಂಭ
ಕುಂಭ: ಉದ್ಯೋಗ ಕ್ಷೇತ್ರದಲ್ಲಿ ತೊಂದರೆ, ಮನೆಯಲ್ಲಿ ಶಾಂತಿ, ಆರ್ಥಿಕ ಪರಿಸ್ಥಿತಿ ಚೇತರಿಕೆ.
♓
ಮೀನ
ಮೀನ: ಕಮಿಷನ್ ಏಜೆಂಟ್‌ಗಳಿಗೆ ನಷ್ಟ, ಆರೋಗ್ಯದಲ್ಲಿ ಏರುಪೇರು, ಶತ್ರುಭಾದೆ, ಸ್ತ್ರೀಯರಿಗೆ ಶುಭ, ಉದ್ಯೋಗದಲ್ಲಿ ಕಿರಿಕಿರಿ.
ಫೆಬ್ರವರಿ 19 ರಂದು ಭಾರತದಲ್ಲಿ ಮರಾಠರ ಮಹಾನ್ ಚಕ್ರವರ್ತಿಯ ಜಯಂತಿಯನ್ನು ಆಚರಿಸುವ ಹಬ್ಬ ಶಿವಾಜಿ ಜಯಂತಿ. ಮಹಾರಾಷ್ಟ್ರ ರಾಜ್ಯದಲ್ಲಿ ಚಕ್ರವರ್ತಿಯ ಜನನ ಮತ್ತು ಜೀವನವನ್ನು ಗೌರವಿಸಲು ಈ ರಜಾದಿನವನ್ನು ಆಚರಿಸಲಾಗುತ್ತದೆ. ಈ ಆಚರಣೆ ಸುಮಾರು 400 ವರ್ಷಗಳಷ್ಟು ಹಳೆಯದು! ಈ ಹೆಸರನ್ನು ಮೂರು ಬಾರಿ ಹೇಳಲು ಪ್ರಯತ್ನಿಸಿ: ಛತ್ರಪತಿ ಶಿವಾಜಿ ಮಹಾರಾಜ್ ಜಯಂತಿ.
ಶಿವಾಜಿ
ಜಯಂತಿ
ಇದು 17 ನೇ ಶತಮಾನದಲ್ಲಿ ಮರಾಠ ಸಾಮ್ರಾಜ್ಯದ ಮಹಾನ್ ಚಕ್ರವರ್ತಿಯ ಹೆಸರು. ಅವರು ಫೆಬ್ರವರಿ 19, 1630 ರಂದು ಶಿವನೇರಿ ಕೋಟೆಯಲ್ಲಿ ಜನಿಸಿದರು. ಮಗನಿಗಾಗಿ ತನ್ನ ತಾಯಿಯ ಪ್ರಾರ್ಥನೆಗಳನ್ನು ಆಶೀರ್ವದಿಸಿದ ದೇವತೆ ಶಿವಾಯಿಯ ಹೆಸರನ್ನು ಅವರಿಗೆ ಇಡಲಾಯಿತು.
ಶಿವಾಜಿ 17 ನೇ ವಯಸ್ಸಿನಲ್ಲಿ ಕೋರ್ನಾ, ರಾಯಗಡ್ ಮತ್ತು ಕೊಂಡನ ಕೋಟೆಗಳನ್ನು ವಶಪಡಿಸಿಕೊಂಡ ನಂತರ ಮರಾಠಾ ಸಾಮ್ರಾಜ್ಯವನ್ನು ಸ್ಥಾಪಿಸಿದರು. ಮರಾಠಾ ಚಕ್ರವರ್ತಿಯಾಗಿ ಅವರ ಪಟ್ಟಾಭಿಷೇಕವು 1674 ರಲ್ಲಿ ರಾಯಗಡ್‌ನಲ್ಲಿ 44 ವರ್ಷ ವಯಸ್ಸಿನಲ್ಲಿ ನಡೆಯಿತು. ಇದಕ್ಕೆ 50,000 ಜನರು ಹಾಜರಿದ್ದರು. ಅವರು ತಮ್ಮ ಆಳ್ವಿಕೆಯಲ್ಲಿ ನ್ಯಾಯಾಲಯದಲ್ಲಿ ಸಂಸ್ಕೃತ ಮತ್ತು ಮರಾಠಿ ಭಾಷೆಗಳ ಬಳಕೆಯನ್ನು ಉತ್ತೇಜಿಸಿದರು. ಅವರು ಒಬ್ಬ ಮಹಾನ್ ಯೋಧ ಮತ್ತು ಬುದ್ಧಿವಂತ ನಾಯಕರಾಗಿದ್ದರು, ಅವರು ತಮ್ಮ ಆಳ್ವಿಕೆಯಲ್ಲಿ ರಾಜಕೀಯವನ್ನು ಚೆನ್ನಾಗಿ ನಿರ್ವಹಿಸಿದರು. ಅವರಿಗೆ
HAPPY
SHIVAJI
Jayanti
ನಾಲ್ಕು ಹೆಂಡತಿಯರು ಮತ್ತು ಎಂಟು ಮಕ್ಕಳಿದ್ದರು. ನಂತರ ಅವರು 1680 ರಲ್ಲಿ 50 ನೇ ವಯಸ್ಸಿನಲ್ಲಿ ಜ್ವರ ಮತ್ತು ಭೇದಿಯಿಂದ ನಿಧನರಾದರು. ಶಿವಾಜಿ ಧೈರ್ಯ, ಸ್ವಾತಂತ್ರ್ಯ ಮತ್ತು ಸ್ವಾತಂತ್ರ್ಯಕ್ಕಾಗಿ ಹೋರಾಟವನ್ನು ಪ್ರತಿನಿಧಿಸುವ ವ್ಯಕ್ತಿ. ಈ ರಜಾದಿನವನ್ನು ಮೊದಲು ಲೋಕಮಾನ್ಯ ತಿಲಕ್ 1895 ರಲ್ಲಿ ಪುಣೆಯಲ್ಲಿ ಆಚರಿಸಿದರು. ಸ್ವಾತಂತ್ರ್ಯ ಹೋರಾಟಗಾರ ಬಾಲಗಂಗಾಧರ್ ಅವರು ಶಿವಾಜಿಯ ಸಾಧನೆಗಳನ್ನು ಘೋಷಿಸುವ ಮೂಲಕ, ಭಾರತದಲ್ಲಿ ರಜಾದಿನವನ್ನು ವ್ಯಾಪಕವಾಗಿ ಆಚರಿಸುವ ಮೂಲಕ ರಜಾದಿನವನ್ನು ಜನಪ್ರಿಯಗೊಳಿಸಿದರು. ಅವರ ಮಹಾನ್ ಸಾಹಸಗಳನ್ನು ಮತ್ತು ಅವರನ್ನು ಮರಾಠರ ನಾಯಕರನ್ನಾಗಿ ಸ್ಥಾಪಿಸಿದ ಮಹಾನ್ ಯುದ್ಧ ತಂತ್ರಗಳನ್ನು ನಾವು ಗೌರವಿಸುತ್ತೇವೆ.
